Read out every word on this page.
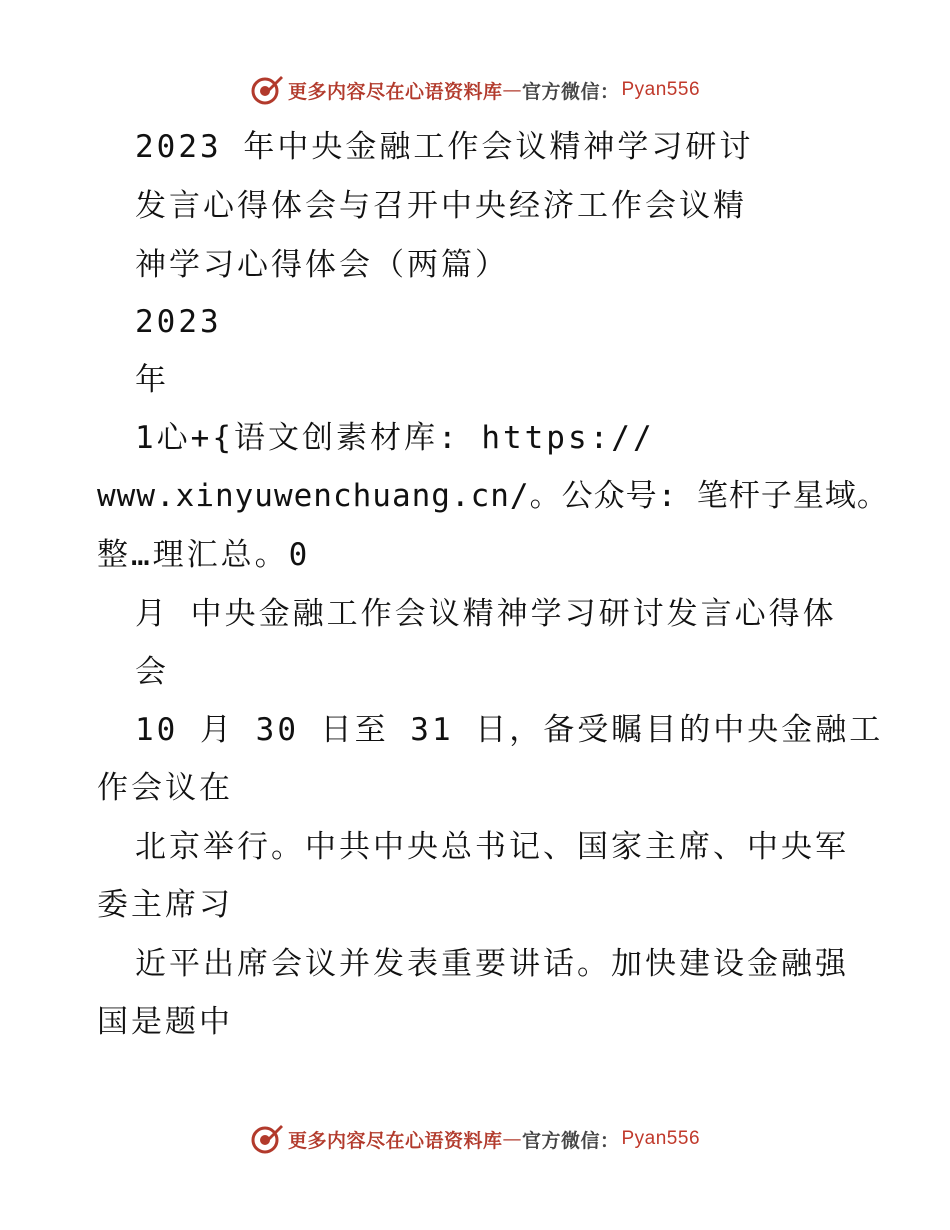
更多内容尽在心语资料库 — 官方微信： Pyan556
2023 年中央金融工作会议精神学习研讨
发言心得体会与召开中央经济工作会议精
神学习心得体会（两篇）
2023
年
1心+{语文创素材库: https://
www.xinyuwenchuang.cn/。公众号: 笔杆子星域。
整…理汇总。0
月 中央金融工作会议精神学习研讨发言心得体
会
10 月 30 日至 31 日，备受瞩目的中央金融工
作会议在
北京举行。中共中央总书记、国家主席、中央军
委主席习
近平出席会议并发表重要讲话。加快建设金融强
国是题中
更多内容尽在心语资料库 — 官方微信： Pyan556
